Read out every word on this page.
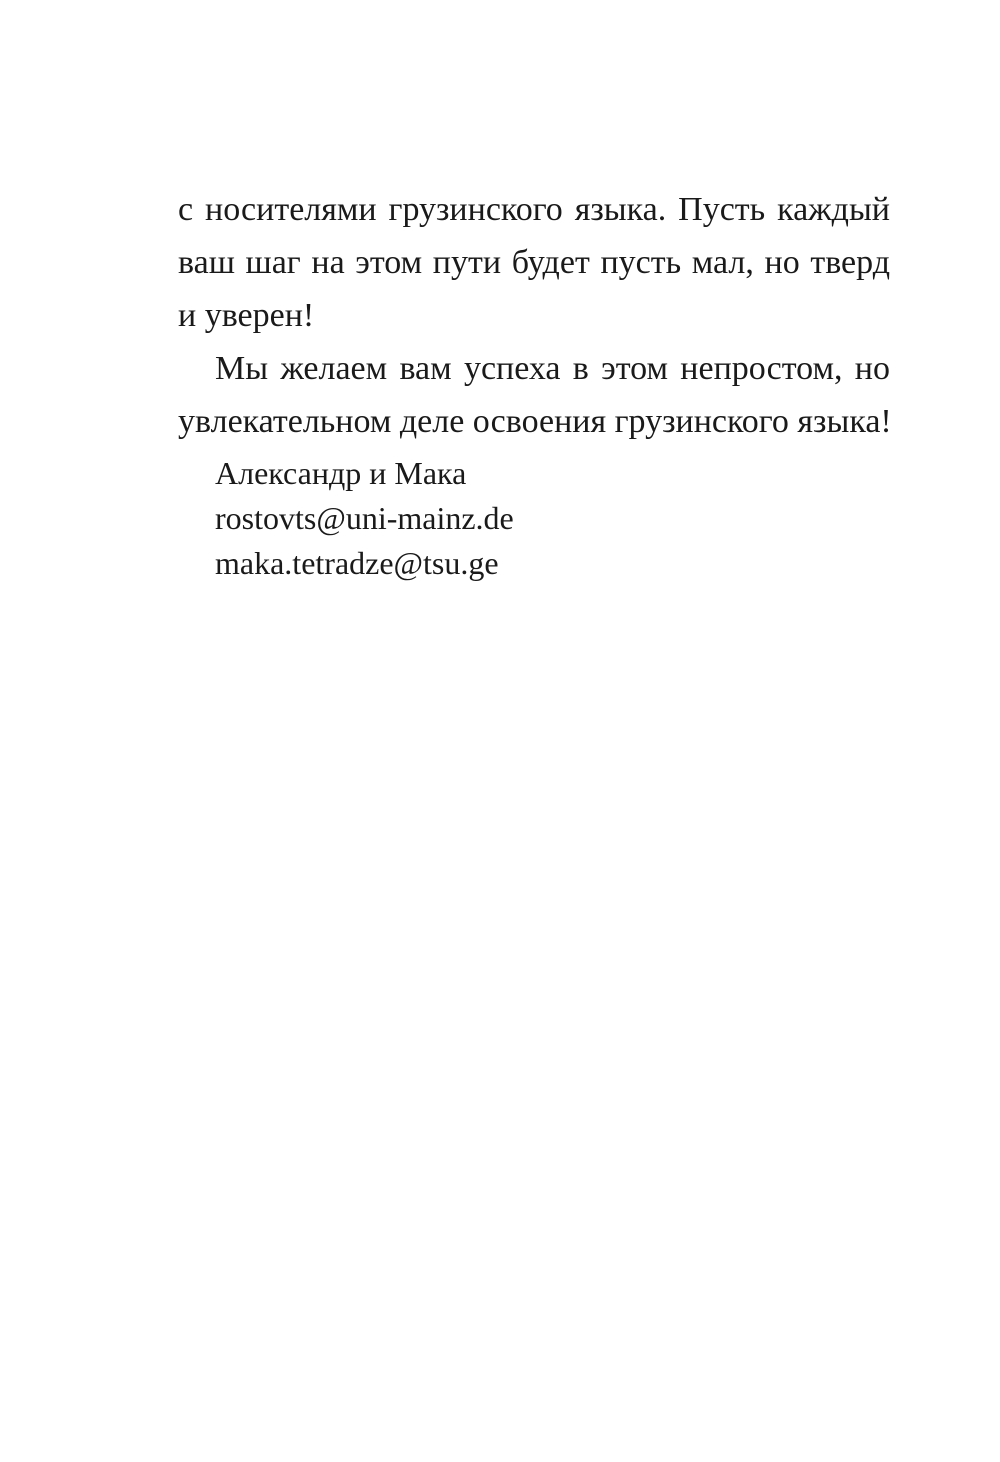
с носителями грузинского языка. Пусть каждый
ваш шаг на этом пути будет пусть мал, но тверд
и уверен!
Мы желаем вам успеха в этом непростом, но
увлекательном деле освоения грузинского языка!
Александр и Мака
rostovts@uni-mainz.de
maka.tetradze@tsu.ge
